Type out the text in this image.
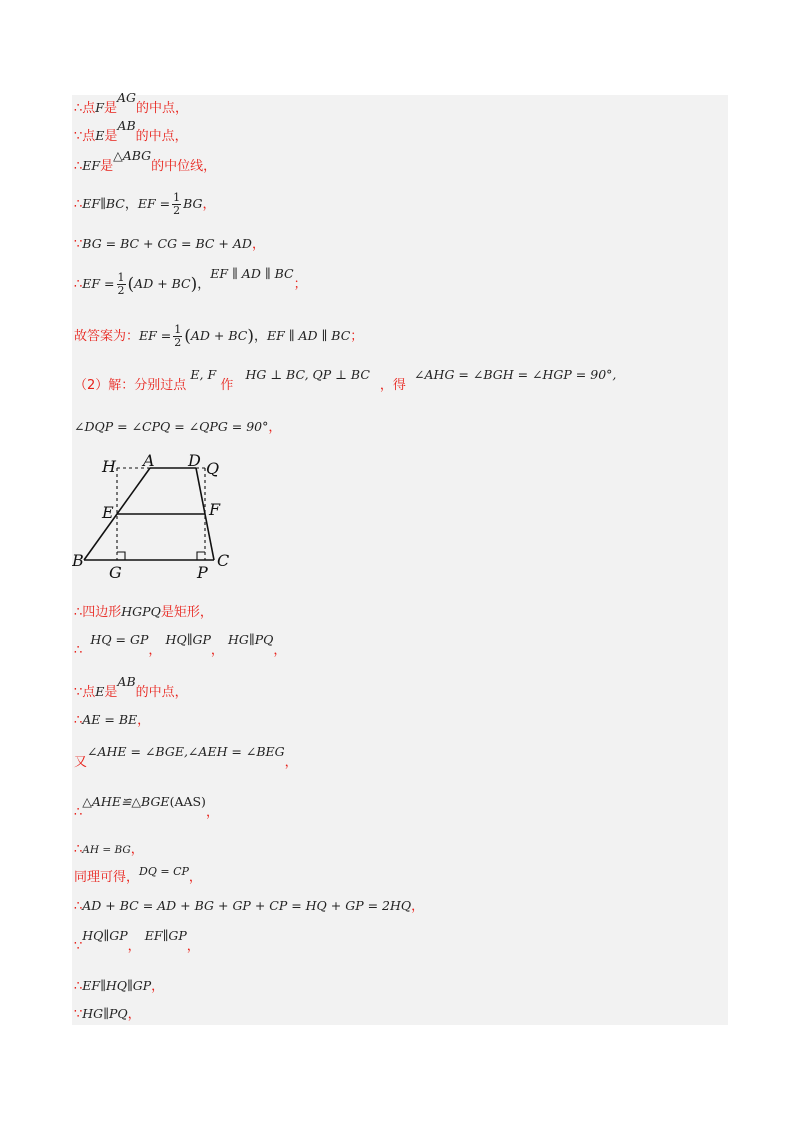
∴点F是AG的中点，
∵点E是AB的中点，
∴EF是△ABG的中位线，
∴EF∥BC，EF = $\frac{1}{2}$ BG，
∵BG = BC + CG = BC + AD，
∴EF = $\frac{1}{2} (AD + BC)$，EF ∥ AD ∥ BC；
故答案为：EF = $\frac{1}{2} (AD + BC)$，EF ∥ AD ∥ BC；
（2）解：分别过点 E, F 作 HG ⊥ BC, QP ⊥ BC，得 ∠AHG = ∠BGH = ∠HGP = 90°,
∠DQP = ∠CPQ = ∠QPG = 90°，
H A D Q
E	F
B
G	P
C
∴四边形HGPQ是矩形，
∴ HQ = GP， HQ∥GP， HG∥PQ，
∵点E是AB的中点，
∴AE = BE，
又∠AHE = ∠BGE,∠AEH = ∠BEG，
∴△AHE≌△BGE(AAS)，
∴AH = BG，
同理可得，$^{DQ = CP}$，
∴AD + BC = AD + BG + GP + CP = HQ + GP = 2HQ，
∵HQ∥GP， EF∥GP，
∴EF∥HQ∥GP，
∵HG∥PQ，
